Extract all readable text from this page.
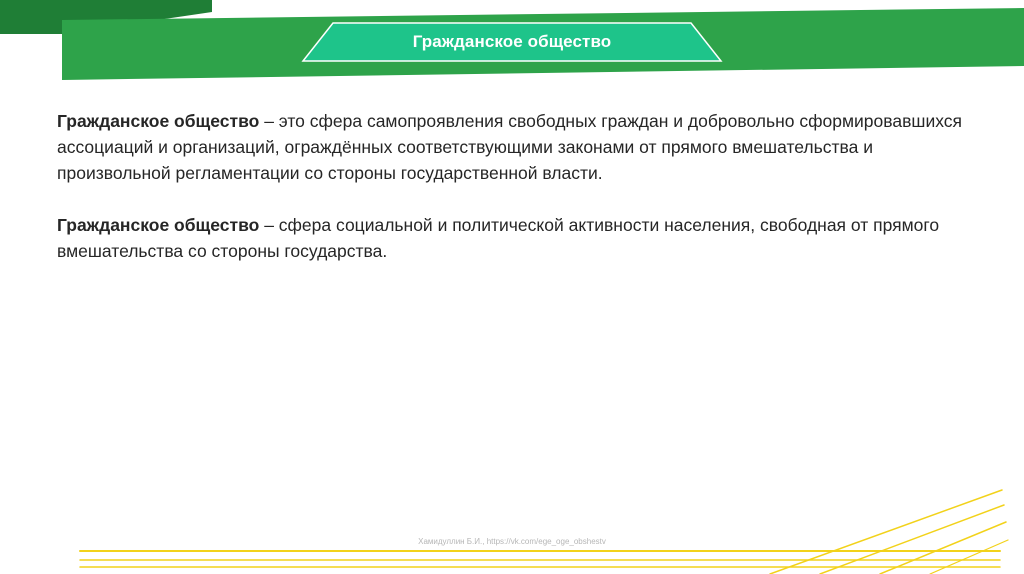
Гражданское общество

Гражданское общество – это сфера самопроявления свободных граждан и добровольно сформировавшихся ассоциаций и организаций, ограждённых соответствующими законами от прямого вмешательства и произвольной регламентации со стороны государственной власти.

Гражданское общество – сфера социальной и политической активности населения, свободная от прямого вмешательства со стороны государства.

Хамидуллин Б.И., https://vk.com/ege_oge_obshestv
